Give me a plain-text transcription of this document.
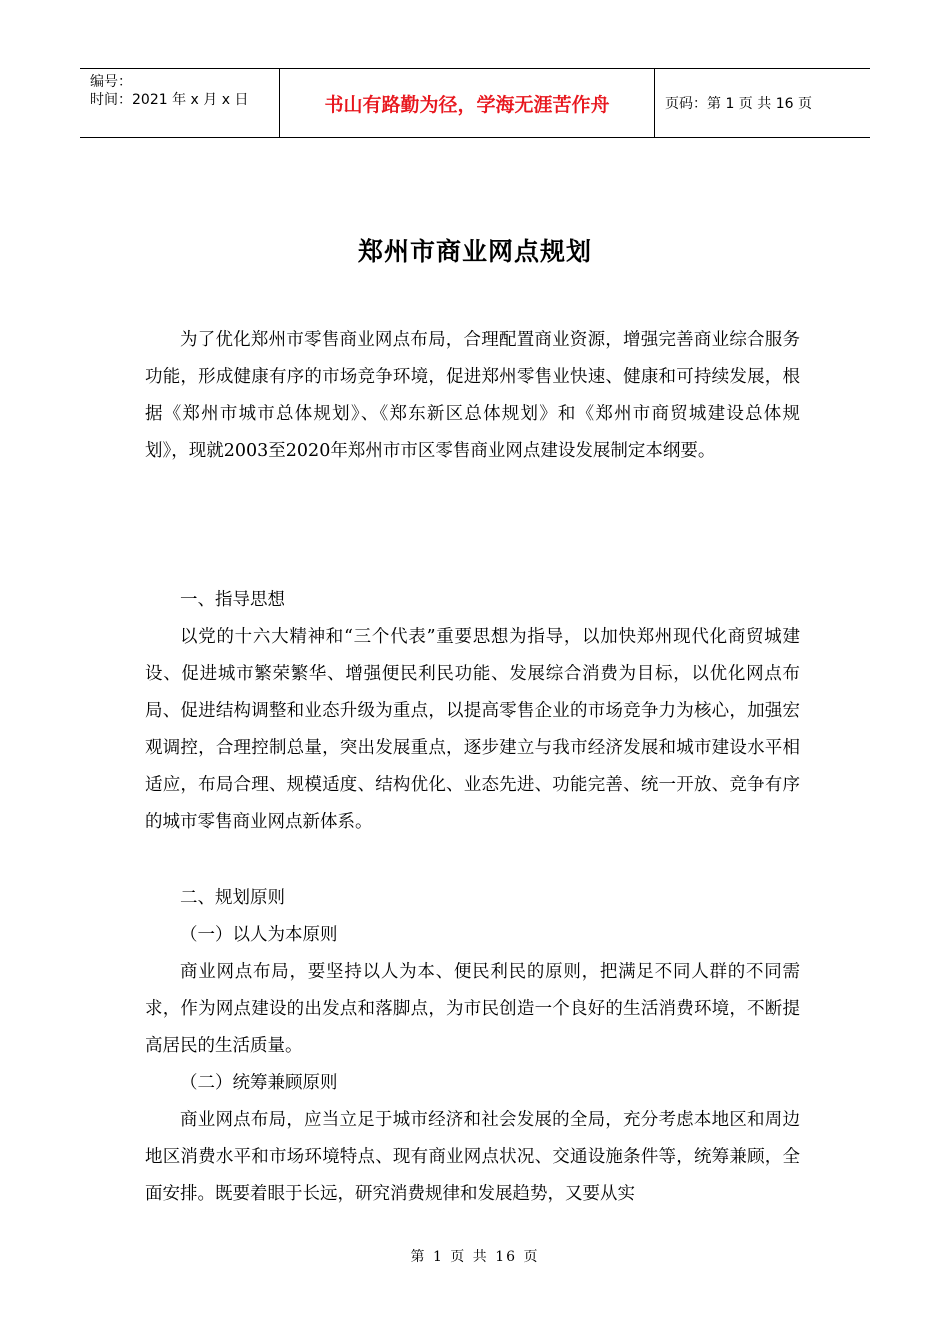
编号：
时间：2021 年 x 月 x 日	书山有路勤为径，学海无涯苦作舟	页码：第 1 页 共 16 页
郑州市商业网点规划

为了优化郑州市零售商业网点布局，合理配置商业资源，增强完善商业综合服务功能，形成健康有序的市场竞争环境，促进郑州零售业快速、健康和可持续发展，根据《郑州市城市总体规划》、《郑东新区总体规划》和《郑州市商贸城建设总体规划》，现就2003至2020年郑州市市区零售商业网点建设发展制定本纲要。

一、指导思想

以党的十六大精神和“三个代表”重要思想为指导，以加快郑州现代化商贸城建设、促进城市繁荣繁华、增强便民利民功能、发展综合消费为目标，以优化网点布局、促进结构调整和业态升级为重点，以提高零售企业的市场竞争力为核心，加强宏观调控，合理控制总量，突出发展重点，逐步建立与我市经济发展和城市建设水平相适应，布局合理、规模适度、结构优化、业态先进、功能完善、统一开放、竞争有序的城市零售商业网点新体系。

二、规划原则

（一）以人为本原则

商业网点布局，要坚持以人为本、便民利民的原则，把满足不同人群的不同需求，作为网点建设的出发点和落脚点，为市民创造一个良好的生活消费环境，不断提高居民的生活质量。

（二）统筹兼顾原则

商业网点布局，应当立足于城市经济和社会发展的全局，充分考虑本地区和周边地区消费水平和市场环境特点、现有商业网点状况、交通设施条件等，统筹兼顾，全面安排。既要着眼于长远，研究消费规律和发展趋势，又要从实

第 1 页 共 16 页
